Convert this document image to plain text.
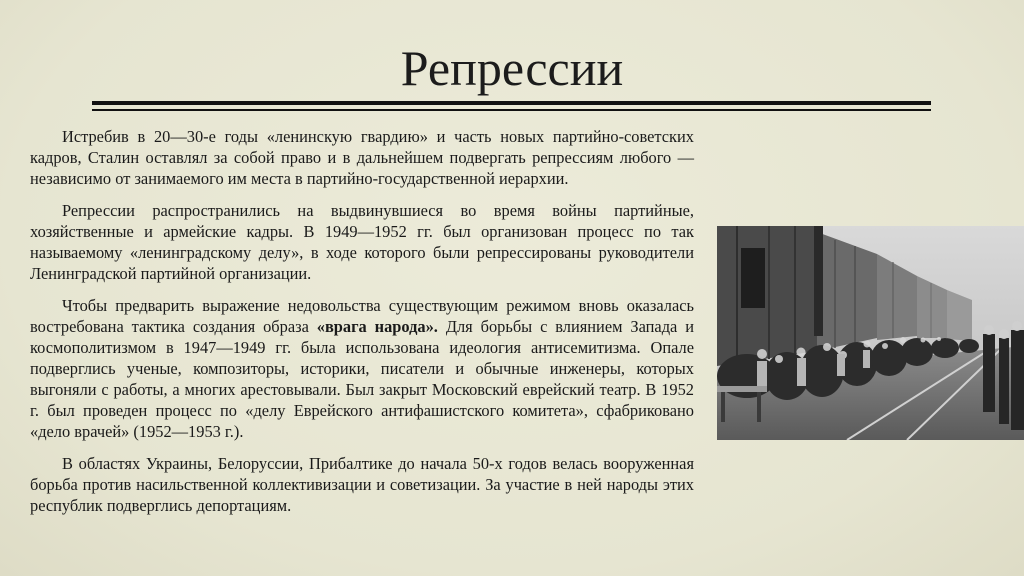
Репрессии

Истребив в 20—30-е годы «ленинскую гвардию» и часть новых партийно-советских кадров, Сталин оставлял за собой право и в дальнейшем подвергать репрессиям любого — независимо от занимаемого им места в партийно-государственной иерархии.

Репрессии распространились на выдвинувшиеся во время войны партийные, хозяйственные и армейские кадры. В 1949—1952 гг. был организован процесс по так называемому «ленинградскому делу», в ходе которого были репрессированы руководители Ленинградской партийной организации.

Чтобы предварить выражение недовольства существующим режимом вновь оказалась востребована тактика создания образа «врага народа». Для борьбы с влиянием Запада и космополитизмом в 1947—1949 гг. была использована идеология антисемитизма. Опале подверглись ученые, композиторы, историки, писатели и обычные инженеры, которых выгоняли с работы, а многих арестовывали. Был закрыт Московский еврейский театр. В 1952 г. был проведен процесс по «делу Еврейского антифашистского комитета», сфабриковано «дело врачей» (1952—1953 г.).

В областях Украины, Белоруссии, Прибалтике до начала 50-х годов велась вооруженная борьба против насильственной коллективизации и советизации. За участие в ней народы этих республик подверглись депортациям.
